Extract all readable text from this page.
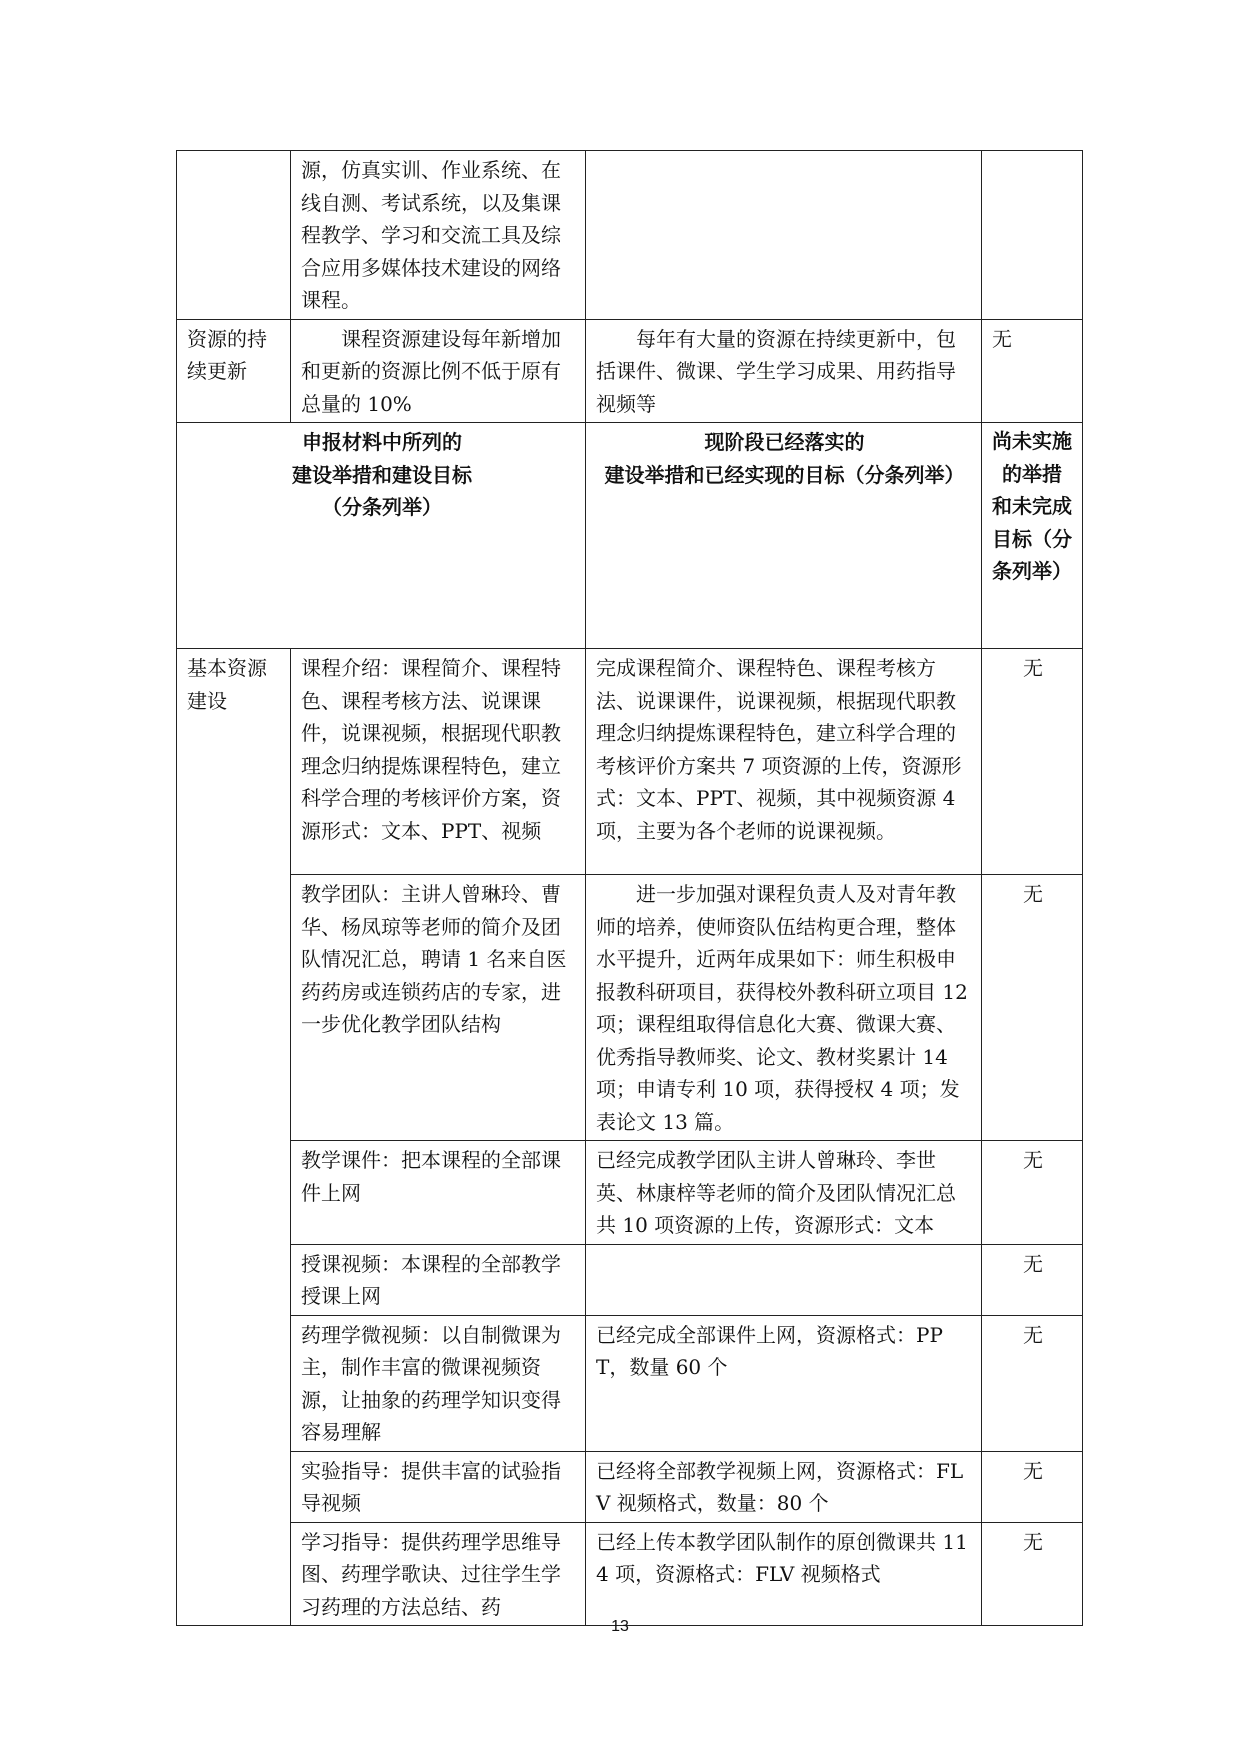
	源，仿真实训、作业系统、在线自测、考试系统，以及集课程教学、学习和交流工具及综合应用多媒体技术建设的网络课程。		
资源的持续更新	课程资源建设每年新增加和更新的资源比例不低于原有总量的 10%	每年有大量的资源在持续更新中，包括课件、微课、学生学习成果、用药指导视频等	无

申报材料中所列的
建设举措和建设目标
（分条列举）		现阶段已经落实的
建设举措和已经实现的目标（分条列举）	尚未实施的举措
和未完成目标（分条列举）

基本资源建设	课程介绍：课程简介、课程特色、课程考核方法、说课课件，说课视频，根据现代职教理念归纳提炼课程特色，建立科学合理的考核评价方案，资源形式：文本、PPT、视频	完成课程简介、课程特色、课程考核方法、说课课件，说课视频，根据现代职教理念归纳提炼课程特色，建立科学合理的考核评价方案共 7 项资源的上传，资源形式：文本、PPT、视频，其中视频资源 4 项，主要为各个老师的说课视频。	无
	教学团队：主讲人曾琳玲、曹华、杨凤琼等老师的简介及团队情况汇总，聘请 1 名来自医药药房或连锁药店的专家，进一步优化教学团队结构	进一步加强对课程负责人及对青年教师的培养，使师资队伍结构更合理，整体水平提升，近两年成果如下：师生积极申报教科研项目，获得校外教科研立项目 12 项；课程组取得信息化大赛、微课大赛、优秀指导教师奖、论文、教材奖累计 14 项；申请专利 10 项，获得授权 4 项；发表论文 13 篇。	无
	教学课件：把本课程的全部课件上网	已经完成教学团队主讲人曾琳玲、李世英、林康梓等老师的简介及团队情况汇总共 10 项资源的上传，资源形式：文本	无
	授课视频：本课程的全部教学授课上网		无
	药理学微视频：以自制微课为主，制作丰富的微课视频资源，让抽象的药理学知识变得容易理解	已经完成全部课件上网，资源格式：PPT，数量 60 个	无
	实验指导：提供丰富的试验指导视频	已经将全部教学视频上网，资源格式：FLV 视频格式，数量：80 个	无
	学习指导：提供药理学思维导图、药理学歌诀、过往学生学习药理的方法总结、药	已经上传本教学团队制作的原创微课共 114 项，资源格式：FLV 视频格式	无
13
